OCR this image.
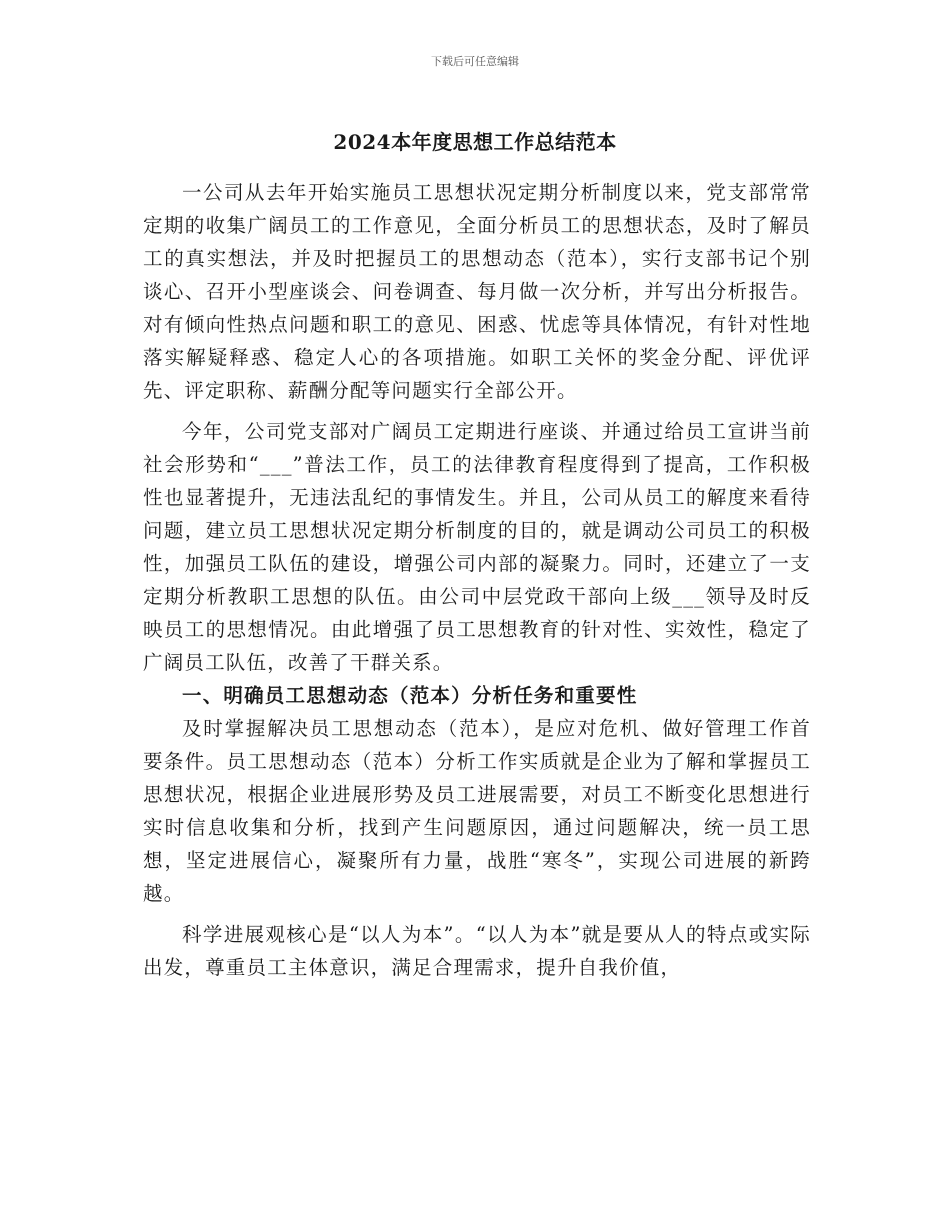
下载后可任意编辑
2024本年度思想工作总结范本

一公司从去年开始实施员工思想状况定期分析制度以来，党支部常常定期的收集广阔员工的工作意见，全面分析员工的思想状态，及时了解员工的真实想法，并及时把握员工的思想动态（范本），实行支部书记个别谈心、召开小型座谈会、问卷调查、每月做一次分析，并写出分析报告。对有倾向性热点问题和职工的意见、困惑、忧虑等具体情况，有针对性地落实解疑释惑、稳定人心的各项措施。如职工关怀的奖金分配、评优评先、评定职称、薪酬分配等问题实行全部公开。

今年，公司党支部对广阔员工定期进行座谈、并通过给员工宣讲当前社会形势和“___”普法工作，员工的法律教育程度得到了提高，工作积极性也显著提升，无违法乱纪的事情发生。并且，公司从员工的解度来看待问题，建立员工思想状况定期分析制度的目的，就是调动公司员工的积极性，加强员工队伍的建设，增强公司内部的凝聚力。同时，还建立了一支定期分析教职工思想的队伍。由公司中层党政干部向上级___领导及时反映员工的思想情况。由此增强了员工思想教育的针对性、实效性，稳定了广阔员工队伍，改善了干群关系。

一、明确员工思想动态（范本）分析任务和重要性

及时掌握解决员工思想动态（范本），是应对危机、做好管理工作首要条件。员工思想动态（范本）分析工作实质就是企业为了解和掌握员工思想状况，根据企业进展形势及员工进展需要，对员工不断变化思想进行实时信息收集和分析，找到产生问题原因，通过问题解决，统一员工思想，坚定进展信心，凝聚所有力量，战胜“寒冬”，实现公司进展的新跨越。

科学进展观核心是“以人为本”。“以人为本”就是要从人的特点或实际出发，尊重员工主体意识，满足合理需求，提升自我价值，
